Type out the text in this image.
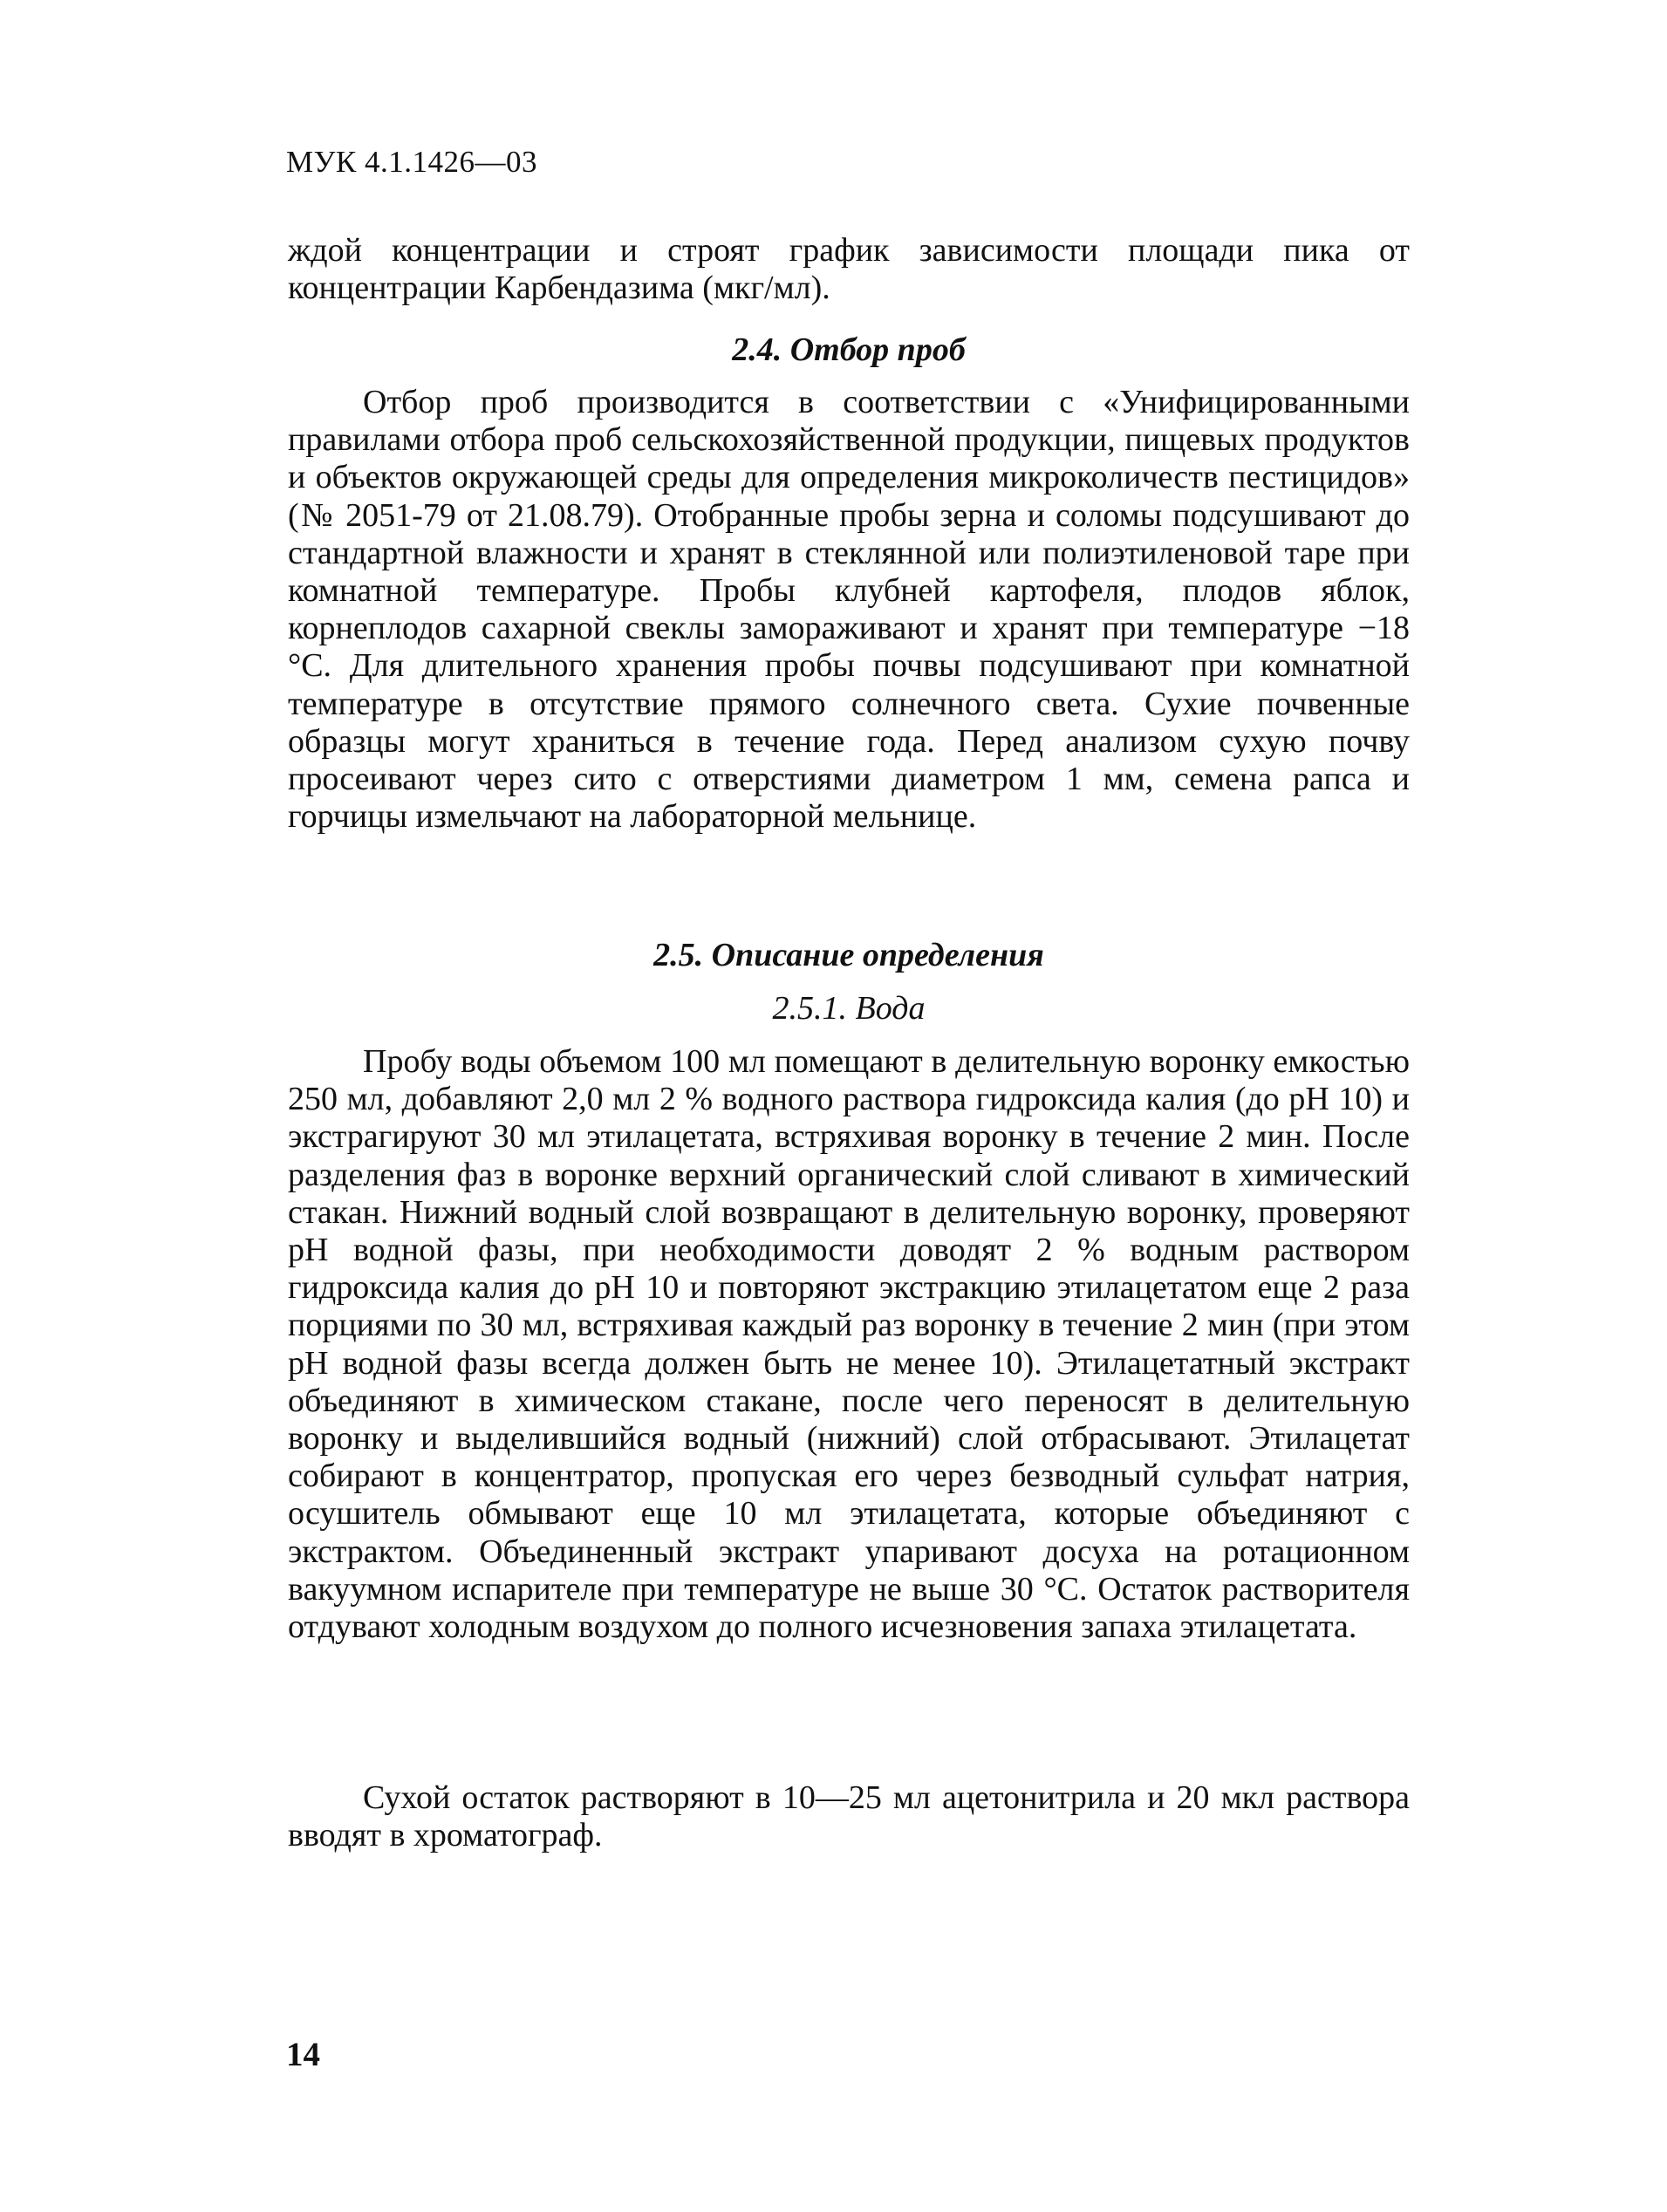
МУК 4.1.1426—03

ждой концентрации и строят график зависимости площади пика от концентрации Карбендазима (мкг/мл).

2.4. Отбор проб

Отбор проб производится в соответствии с «Унифицированными правилами отбора проб сельскохозяйственной продукции, пищевых продуктов и объектов окружающей среды для определения микроколичеств пестицидов» (№ 2051-79 от 21.08.79). Отобранные пробы зерна и соломы подсушивают до стандартной влажности и хранят в стеклянной или полиэтиленовой таре при комнатной температуре. Пробы клубней картофеля, плодов яблок, корнеплодов сахарной свеклы замораживают и хранят при температуре −18 °С. Для длительного хранения пробы почвы подсушивают при комнатной температуре в отсутствие прямого солнечного света. Сухие почвенные образцы могут храниться в течение года. Перед анализом сухую почву просеивают через сито с отверстиями диаметром 1 мм, семена рапса и горчицы измельчают на лабораторной мельнице.

2.5. Описание определения
2.5.1. Вода

Пробу воды объемом 100 мл помещают в делительную воронку емкостью 250 мл, добавляют 2,0 мл 2 % водного раствора гидроксида калия (до рН 10) и экстрагируют 30 мл этилацетата, встряхивая воронку в течение 2 мин. После разделения фаз в воронке верхний органический слой сливают в химический стакан. Нижний водный слой возвращают в делительную воронку, проверяют рН водной фазы, при необходимости доводят 2 % водным раствором гидроксида калия до рН 10 и повторяют экстракцию этилацетатом еще 2 раза порциями по 30 мл, встряхивая каждый раз воронку в течение 2 мин (при этом рН водной фазы всегда должен быть не менее 10). Этилацетатный экстракт объединяют в химическом стакане, после чего переносят в делительную воронку и выделившийся водный (нижний) слой отбрасывают. Этилацетат собирают в концентратор, пропуская его через безводный сульфат натрия, осушитель обмывают еще 10 мл этилацетата, которые объединяют с экстрактом. Объединенный экстракт упаривают досуха на ротационном вакуумном испарителе при температуре не выше 30 °С. Остаток растворителя отдувают холодным воздухом до полного исчезновения запаха этилацетата.

Сухой остаток растворяют в 10—25 мл ацетонитрила и 20 мкл раствора вводят в хроматограф.

14
